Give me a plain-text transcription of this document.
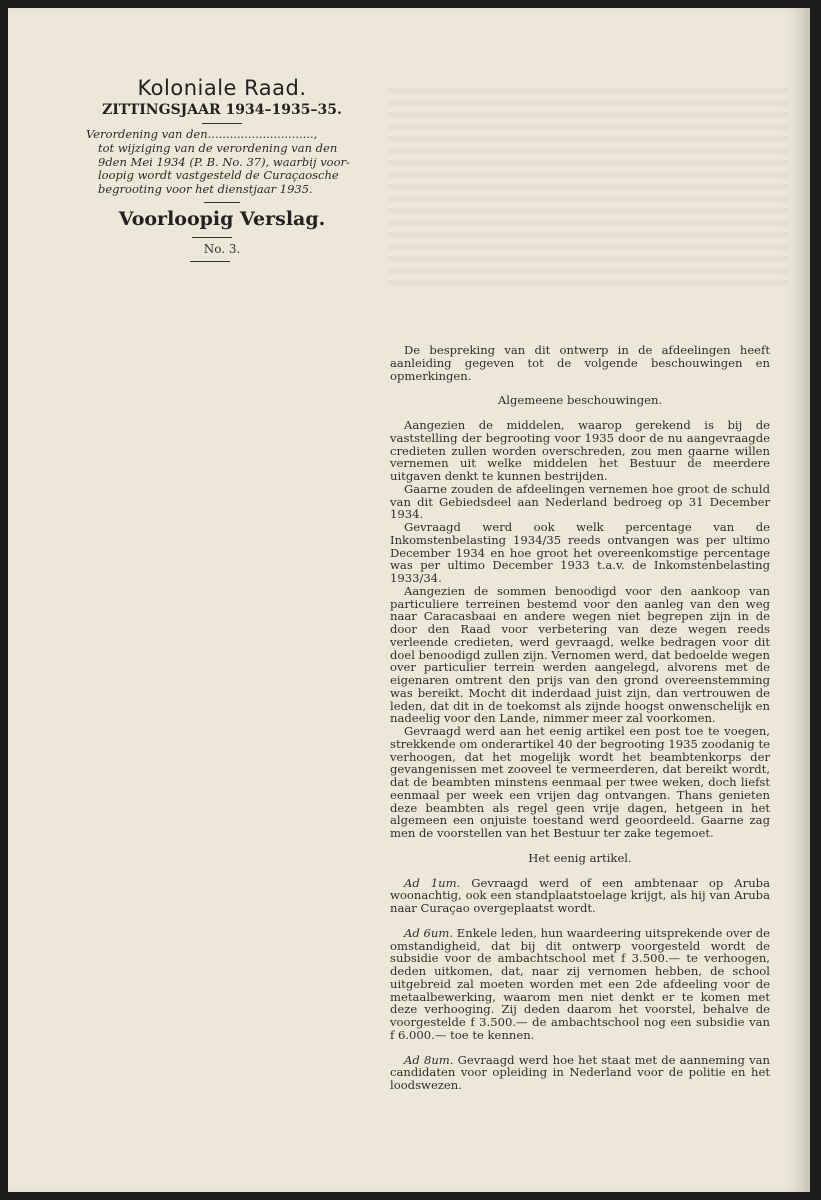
Koloniale Raad.
ZITTINGSJAAR 1934–1935–35.
Verordening van den.............................,
tot wijziging van de verordening van den
9den Mei 1934 (P. B. No. 37), waarbij voor-
loopig wordt vastgesteld de Curaçaosche
begrooting voor het dienstjaar 1935.
Voorloopig Verslag.
No. 3.

De bespreking van dit ontwerp in de afdeelingen heeft aanleiding gegeven tot de volgende beschouwingen en opmerkingen.

Algemeene beschouwingen.

Aangezien de middelen, waarop gerekend is bij de vaststelling der begrooting voor 1935 door de nu aangevraagde credieten zullen worden overschreden, zou men gaarne willen vernemen uit welke middelen het Bestuur de meerdere uitgaven denkt te kunnen bestrijden.

Gaarne zouden de afdeelingen vernemen hoe groot de schuld van dit Gebiedsdeel aan Nederland bedroeg op 31 December 1934.

Gevraagd werd ook welk percentage van de Inkomstenbelasting 1934/35 reeds ontvangen was per ultimo December 1934 en hoe groot het overeenkomstige percentage was per ultimo December 1933 t.a.v. de Inkomstenbelasting 1933/34.

Aangezien de sommen benoodigd voor den aankoop van particuliere terreinen bestemd voor den aanleg van den weg naar Caracasbaai en andere wegen niet begrepen zijn in de door den Raad voor verbetering van deze wegen reeds verleende credieten, werd gevraagd, welke bedragen voor dit doel benoodigd zullen zijn. Vernomen werd, dat bedoelde wegen over particulier terrein werden aangelegd, alvorens met de eigenaren omtrent den prijs van den grond overeenstemming was bereikt. Mocht dit inderdaad juist zijn, dan vertrouwen de leden, dat dit in de toekomst als zijnde hoogst onwenschelijk en nadeelig voor den Lande, nimmer meer zal voorkomen.

Gevraagd werd aan het eenig artikel een post toe te voegen, strekkende om onderartikel 40 der begrooting 1935 zoodanig te verhoogen, dat het mogelijk wordt het beambtenkorps der gevangenissen met zooveel te vermeerderen, dat bereikt wordt, dat de beambten minstens eenmaal per twee weken, doch liefst eenmaal per week een vrijen dag ontvangen. Thans genieten deze beambten als regel geen vrije dagen, hetgeen in het algemeen een onjuiste toestand werd geoordeeld. Gaarne zag men de voorstellen van het Bestuur ter zake tegemoet.

Het eenig artikel.

Ad 1um. Gevraagd werd of een ambtenaar op Aruba woonachtig, ook een standplaatstoelage krijgt, als hij van Aruba naar Curaçao overgeplaatst wordt.

Ad 6um. Enkele leden, hun waardeering uitsprekende over de omstandigheid, dat bij dit ontwerp voorgesteld wordt de subsidie voor de ambachtschool met f 3.500.— te verhoogen, deden uitkomen, dat, naar zij vernomen hebben, de school uitgebreid zal moeten worden met een 2de afdeeling voor de metaalbewerking, waarom men niet denkt er te komen met deze verhooging. Zij deden daarom het voorstel, behalve de voorgestelde f 3.500.— de ambachtschool nog een subsidie van f 6.000.— toe te kennen.

Ad 8um. Gevraagd werd hoe het staat met de aanneming van candidaten voor opleiding in Nederland voor de politie en het loodswezen.
